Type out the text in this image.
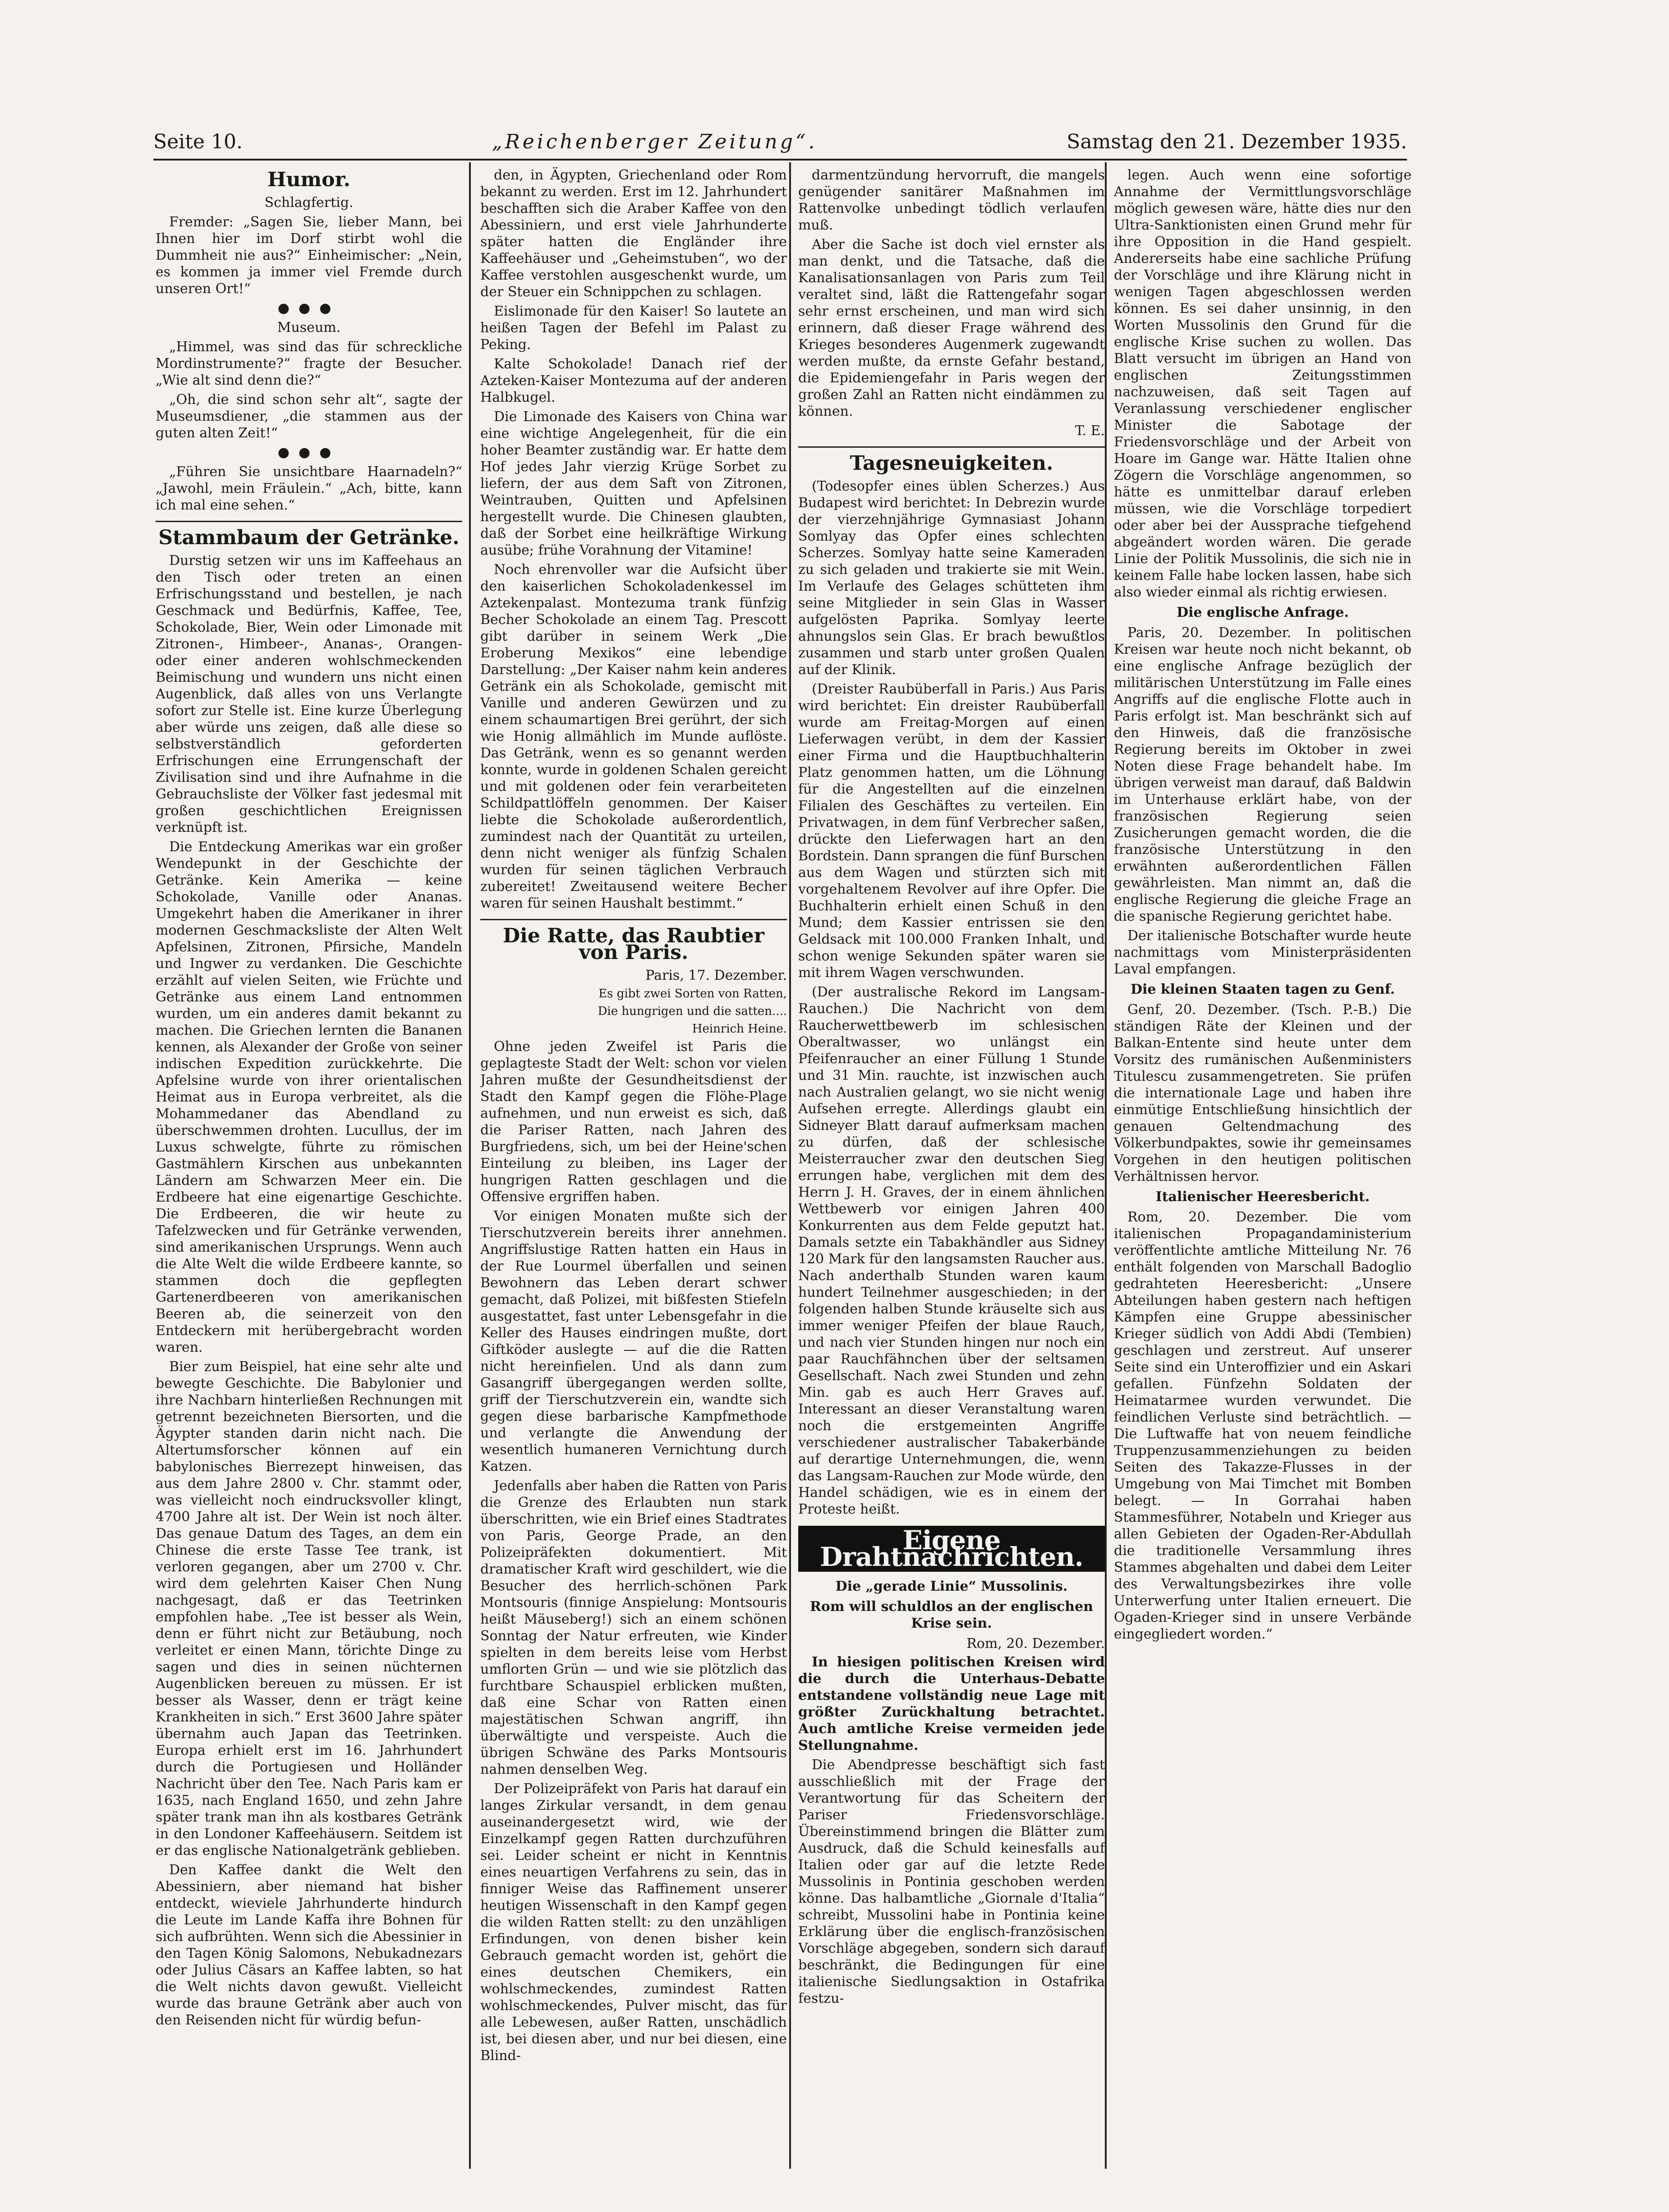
Seite 10.	„Reichenberger Zeitung“.	Samstag den 21. Dezember 1935.
Humor.
Schlagfertig.

Fremder: „Sagen Sie, lieber Mann, bei Ihnen hier im Dorf stirbt wohl die Dummheit nie aus?“ Einheimischer: „Nein, es kommen ja immer viel Fremde durch unseren Ort!“

●●●
Museum.

„Himmel, was sind das für schreckliche Mordinstrumente?“ fragte der Besucher. „Wie alt sind denn die?“

„Oh, die sind schon sehr alt“, sagte der Museumsdiener, „die stammen aus der guten alten Zeit!“

●●●

„Führen Sie unsichtbare Haarnadeln?“ „Jawohl, mein Fräulein.“ „Ach, bitte, kann ich mal eine sehen.“

Stammbaum der Getränke.

Durstig setzen wir uns im Kaffeehaus an den Tisch oder treten an einen Erfrischungsstand und bestellen, je nach Geschmack und Bedürfnis, Kaffee, Tee, Schokolade, Bier, Wein oder Limonade mit Zitronen-, Himbeer-, Ananas-, Orangen- oder einer anderen wohlschmeckenden Beimischung und wundern uns nicht einen Augenblick, daß alles von uns Verlangte sofort zur Stelle ist. Eine kurze Überlegung aber würde uns zeigen, daß alle diese so selbstverständlich geforderten Erfrischungen eine Errungenschaft der Zivilisation sind und ihre Aufnahme in die Gebrauchsliste der Völker fast jedesmal mit großen geschichtlichen Ereignissen verknüpft ist.

Die Entdeckung Amerikas war ein großer Wendepunkt in der Geschichte der Getränke. Kein Amerika — keine Schokolade, Vanille oder Ananas. Umgekehrt haben die Amerikaner in ihrer modernen Geschmacksliste der Alten Welt Apfelsinen, Zitronen, Pfirsiche, Mandeln und Ingwer zu verdanken. Die Geschichte erzählt auf vielen Seiten, wie Früchte und Getränke aus einem Land entnommen wurden, um ein anderes damit bekannt zu machen. Die Griechen lernten die Bananen kennen, als Alexander der Große von seiner indischen Expedition zurückkehrte. Die Apfelsine wurde von ihrer orientalischen Heimat aus in Europa verbreitet, als die Mohammedaner das Abendland zu überschwemmen drohten. Lucullus, der im Luxus schwelgte, führte zu römischen Gastmählern Kirschen aus unbekannten Ländern am Schwarzen Meer ein. Die Erdbeere hat eine eigenartige Geschichte. Die Erdbeeren, die wir heute zu Tafelzwecken und für Getränke verwenden, sind amerikanischen Ursprungs. Wenn auch die Alte Welt die wilde Erdbeere kannte, so stammen doch die gepflegten Gartenerdbeeren von amerikanischen Beeren ab, die seinerzeit von den Entdeckern mit herübergebracht worden waren.

Bier zum Beispiel, hat eine sehr alte und bewegte Geschichte. Die Babylonier und ihre Nachbarn hinterließen Rechnungen mit getrennt bezeichneten Biersorten, und die Ägypter standen darin nicht nach. Die Altertumsforscher können auf ein babylonisches Bierrezept hinweisen, das aus dem Jahre 2800 v. Chr. stammt oder, was vielleicht noch eindrucksvoller klingt, 4700 Jahre alt ist. Der Wein ist noch älter. Das genaue Datum des Tages, an dem ein Chinese die erste Tasse Tee trank, ist verloren gegangen, aber um 2700 v. Chr. wird dem gelehrten Kaiser Chen Nung nachgesagt, daß er das Teetrinken empfohlen habe. „Tee ist besser als Wein, denn er führt nicht zur Betäubung, noch verleitet er einen Mann, törichte Dinge zu sagen und dies in seinen nüchternen Augenblicken bereuen zu müssen. Er ist besser als Wasser, denn er trägt keine Krankheiten in sich.“ Erst 3600 Jahre später übernahm auch Japan das Teetrinken. Europa erhielt erst im 16. Jahrhundert durch die Portugiesen und Holländer Nachricht über den Tee. Nach Paris kam er 1635, nach England 1650, und zehn Jahre später trank man ihn als kostbares Getränk in den Londoner Kaffeehäusern. Seitdem ist er das englische Nationalgetränk geblieben.

Den Kaffee dankt die Welt den Abessiniern, aber niemand hat bisher entdeckt, wieviele Jahrhunderte hindurch die Leute im Lande Kaffa ihre Bohnen für sich aufbrühten. Wenn sich die Abessinier in den Tagen König Salomons, Nebukadnezars oder Julius Cäsars an Kaffee labten, so hat die Welt nichts davon gewußt. Vielleicht wurde das braune Getränk aber auch von den Reisenden nicht für würdig befun-

den, in Ägypten, Griechenland oder Rom bekannt zu werden. Erst im 12. Jahrhundert beschafften sich die Araber Kaffee von den Abessiniern, und erst viele Jahrhunderte später hatten die Engländer ihre Kaffeehäuser und „Geheimstuben“, wo der Kaffee verstohlen ausgeschenkt wurde, um der Steuer ein Schnippchen zu schlagen.

Eislimonade für den Kaiser! So lautete an heißen Tagen der Befehl im Palast zu Peking.

Kalte Schokolade! Danach rief der Azteken-Kaiser Montezuma auf der anderen Halbkugel.

Die Limonade des Kaisers von China war eine wichtige Angelegenheit, für die ein hoher Beamter zuständig war. Er hatte dem Hof jedes Jahr vierzig Krüge Sorbet zu liefern, der aus dem Saft von Zitronen, Weintrauben, Quitten und Apfelsinen hergestellt wurde. Die Chinesen glaubten, daß der Sorbet eine heilkräftige Wirkung ausübe; frühe Vorahnung der Vitamine!

Noch ehrenvoller war die Aufsicht über den kaiserlichen Schokoladenkessel im Aztekenpalast. Montezuma trank fünfzig Becher Schokolade an einem Tag. Prescott gibt darüber in seinem Werk „Die Eroberung Mexikos“ eine lebendige Darstellung: „Der Kaiser nahm kein anderes Getränk ein als Schokolade, gemischt mit Vanille und anderen Gewürzen und zu einem schaumartigen Brei gerührt, der sich wie Honig allmählich im Munde auflöste. Das Getränk, wenn es so genannt werden konnte, wurde in goldenen Schalen gereicht und mit goldenen oder fein verarbeiteten Schildpattlöffeln genommen. Der Kaiser liebte die Schokolade außerordentlich, zumindest nach der Quantität zu urteilen, denn nicht weniger als fünfzig Schalen wurden für seinen täglichen Verbrauch zubereitet! Zweitausend weitere Becher waren für seinen Haushalt bestimmt.“

Die Ratte, das Raubtier von Paris.
Paris, 17. Dezember.
Es gibt zwei Sorten von Ratten,
Die hungrigen und die satten....
Heinrich Heine.

Ohne jeden Zweifel ist Paris die geplagteste Stadt der Welt: schon vor vielen Jahren mußte der Gesundheitsdienst der Stadt den Kampf gegen die Flöhe-Plage aufnehmen, und nun erweist es sich, daß die Pariser Ratten, nach Jahren des Burgfriedens, sich, um bei der Heine'schen Einteilung zu bleiben, ins Lager der hungrigen Ratten geschlagen und die Offensive ergriffen haben.

Vor einigen Monaten mußte sich der Tierschutzverein bereits ihrer annehmen. Angriffslustige Ratten hatten ein Haus in der Rue Lourmel überfallen und seinen Bewohnern das Leben derart schwer gemacht, daß Polizei, mit bißfesten Stiefeln ausgestattet, fast unter Lebensgefahr in die Keller des Hauses eindringen mußte, dort Giftköder auslegte — auf die die Ratten nicht hereinfielen. Und als dann zum Gasangriff übergegangen werden sollte, griff der Tierschutzverein ein, wandte sich gegen diese barbarische Kampfmethode und verlangte die Anwendung der wesentlich humaneren Vernichtung durch Katzen.

Jedenfalls aber haben die Ratten von Paris die Grenze des Erlaubten nun stark überschritten, wie ein Brief eines Stadtrates von Paris, George Prade, an den Polizeipräfekten dokumentiert. Mit dramatischer Kraft wird geschildert, wie die Besucher des herrlich-schönen Park Montsouris (finnige Anspielung: Montsouris heißt Mäuseberg!) sich an einem schönen Sonntag der Natur erfreuten, wie Kinder spielten in dem bereits leise vom Herbst umflorten Grün — und wie sie plötzlich das furchtbare Schauspiel erblicken mußten, daß eine Schar von Ratten einen majestätischen Schwan angriff, ihn überwältigte und verspeiste. Auch die übrigen Schwäne des Parks Montsouris nahmen denselben Weg.

Der Polizeipräfekt von Paris hat darauf ein langes Zirkular versandt, in dem genau auseinandergesetzt wird, wie der Einzelkampf gegen Ratten durchzuführen sei. Leider scheint er nicht in Kenntnis eines neuartigen Verfahrens zu sein, das in finniger Weise das Raffinement unserer heutigen Wissenschaft in den Kampf gegen die wilden Ratten stellt: zu den unzähligen Erfindungen, von denen bisher kein Gebrauch gemacht worden ist, gehört die eines deutschen Chemikers, ein wohlschmeckendes, zumindest Ratten wohlschmeckendes, Pulver mischt, das für alle Lebewesen, außer Ratten, unschädlich ist, bei diesen aber, und nur bei diesen, eine Blind-

darmentzündung hervorruft, die mangels genügender sanitärer Maßnahmen im Rattenvolke unbedingt tödlich verlaufen muß.

Aber die Sache ist doch viel ernster als man denkt, und die Tatsache, daß die Kanalisationsanlagen von Paris zum Teil veraltet sind, läßt die Rattengefahr sogar sehr ernst erscheinen, und man wird sich erinnern, daß dieser Frage während des Krieges besonderes Augenmerk zugewandt werden mußte, da ernste Gefahr bestand, die Epidemiengefahr in Paris wegen der großen Zahl an Ratten nicht eindämmen zu können.

T. E.
Tagesneuigkeiten.

(Todesopfer eines üblen Scherzes.) Aus Budapest wird berichtet: In Debrezin wurde der vierzehnjährige Gymnasiast Johann Somlyay das Opfer eines schlechten Scherzes. Somlyay hatte seine Kameraden zu sich geladen und trakierte sie mit Wein. Im Verlaufe des Gelages schütteten ihm seine Mitglieder in sein Glas in Wasser aufgelösten Paprika. Somlyay leerte ahnungslos sein Glas. Er brach bewußtlos zusammen und starb unter großen Qualen auf der Klinik.

(Dreister Raubüberfall in Paris.) Aus Paris wird berichtet: Ein dreister Raubüberfall wurde am Freitag-Morgen auf einen Lieferwagen verübt, in dem der Kassier einer Firma und die Hauptbuchhalterin Platz genommen hatten, um die Löhnung für die Angestellten auf die einzelnen Filialen des Geschäftes zu verteilen. Ein Privatwagen, in dem fünf Verbrecher saßen, drückte den Lieferwagen hart an den Bordstein. Dann sprangen die fünf Burschen aus dem Wagen und stürzten sich mit vorgehaltenem Revolver auf ihre Opfer. Die Buchhalterin erhielt einen Schuß in den Mund; dem Kassier entrissen sie den Geldsack mit 100.000 Franken Inhalt, und schon wenige Sekunden später waren sie mit ihrem Wagen verschwunden.

(Der australische Rekord im Langsam-Rauchen.) Die Nachricht von dem Raucherwettbewerb im schlesischen Oberaltwasser, wo unlängst ein Pfeifenraucher an einer Füllung 1 Stunde und 31 Min. rauchte, ist inzwischen auch nach Australien gelangt, wo sie nicht wenig Aufsehen erregte. Allerdings glaubt ein Sidneyer Blatt darauf aufmerksam machen zu dürfen, daß der schlesische Meisterraucher zwar den deutschen Sieg errungen habe, verglichen mit dem des Herrn J. H. Graves, der in einem ähnlichen Wettbewerb vor einigen Jahren 400 Konkurrenten aus dem Felde geputzt hat. Damals setzte ein Tabakhändler aus Sidney 120 Mark für den langsamsten Raucher aus. Nach anderthalb Stunden waren kaum hundert Teilnehmer ausgeschieden; in der folgenden halben Stunde kräuselte sich aus immer weniger Pfeifen der blaue Rauch, und nach vier Stunden hingen nur noch ein paar Rauchfähnchen über der seltsamen Gesellschaft. Nach zwei Stunden und zehn Min. gab es auch Herr Graves auf. Interessant an dieser Veranstaltung waren noch die erstgemeinten Angriffe verschiedener australischer Tabakerbände auf derartige Unternehmungen, die, wenn das Langsam-Rauchen zur Mode würde, den Handel schädigen, wie es in einem der Proteste heißt.

Eigene Drahtnachrichten.
Die „gerade Linie“ Mussolinis.
Rom will schuldlos an der englischen Krise sein.
Rom, 20. Dezember.

In hiesigen politischen Kreisen wird die durch die Unterhaus-Debatte entstandene vollständig neue Lage mit größter Zurückhaltung betrachtet. Auch amtliche Kreise vermeiden jede Stellungnahme.

Die Abendpresse beschäftigt sich fast ausschließlich mit der Frage der Verantwortung für das Scheitern der Pariser Friedensvorschläge. Übereinstimmend bringen die Blätter zum Ausdruck, daß die Schuld keinesfalls auf Italien oder gar auf die letzte Rede Mussolinis in Pontinia geschoben werden könne. Das halbamtliche „Giornale d'Italia“ schreibt, Mussolini habe in Pontinia keine Erklärung über die englisch-französischen Vorschläge abgegeben, sondern sich darauf beschränkt, die Bedingungen für eine italienische Siedlungsaktion in Ostafrika festzu-

legen. Auch wenn eine sofortige Annahme der Vermittlungsvorschläge möglich gewesen wäre, hätte dies nur den Ultra-Sanktionisten einen Grund mehr für ihre Opposition in die Hand gespielt. Andererseits habe eine sachliche Prüfung der Vorschläge und ihre Klärung nicht in wenigen Tagen abgeschlossen werden können. Es sei daher unsinnig, in den Worten Mussolinis den Grund für die englische Krise suchen zu wollen. Das Blatt versucht im übrigen an Hand von englischen Zeitungsstimmen nachzuweisen, daß seit Tagen auf Veranlassung verschiedener englischer Minister die Sabotage der Friedensvorschläge und der Arbeit von Hoare im Gange war. Hätte Italien ohne Zögern die Vorschläge angenommen, so hätte es unmittelbar darauf erleben müssen, wie die Vorschläge torpediert oder aber bei der Aussprache tiefgehend abgeändert worden wären. Die gerade Linie der Politik Mussolinis, die sich nie in keinem Falle habe locken lassen, habe sich also wieder einmal als richtig erwiesen.

Die englische Anfrage.

Paris, 20. Dezember. In politischen Kreisen war heute noch nicht bekannt, ob eine englische Anfrage bezüglich der militärischen Unterstützung im Falle eines Angriffs auf die englische Flotte auch in Paris erfolgt ist. Man beschränkt sich auf den Hinweis, daß die französische Regierung bereits im Oktober in zwei Noten diese Frage behandelt habe. Im übrigen verweist man darauf, daß Baldwin im Unterhause erklärt habe, von der französischen Regierung seien Zusicherungen gemacht worden, die die französische Unterstützung in den erwähnten außerordentlichen Fällen gewährleisten. Man nimmt an, daß die englische Regierung die gleiche Frage an die spanische Regierung gerichtet habe.

Der italienische Botschafter wurde heute nachmittags vom Ministerpräsidenten Laval empfangen.

Die kleinen Staaten tagen zu Genf.

Genf, 20. Dezember. (Tsch. P.-B.) Die ständigen Räte der Kleinen und der Balkan-Entente sind heute unter dem Vorsitz des rumänischen Außenministers Titulescu zusammengetreten. Sie prüfen die internationale Lage und haben ihre einmütige Entschließung hinsichtlich der genauen Geltendmachung des Völkerbundpaktes, sowie ihr gemeinsames Vorgehen in den heutigen politischen Verhältnissen hervor.

Italienischer Heeresbericht.

Rom, 20. Dezember. Die vom italienischen Propagandaministerium veröffentlichte amtliche Mitteilung Nr. 76 enthält folgenden von Marschall Badoglio gedrahteten Heeresbericht: „Unsere Abteilungen haben gestern nach heftigen Kämpfen eine Gruppe abessinischer Krieger südlich von Addi Abdi (Tembien) geschlagen und zerstreut. Auf unserer Seite sind ein Unteroffizier und ein Askari gefallen. Fünfzehn Soldaten der Heimatarmee wurden verwundet. Die feindlichen Verluste sind beträchtlich. — Die Luftwaffe hat von neuem feindliche Truppenzusammenziehungen zu beiden Seiten des Takazze-Flusses in der Umgebung von Mai Timchet mit Bomben belegt. — In Gorrahai haben Stammesführer, Notabeln und Krieger aus allen Gebieten der Ogaden-Rer-Abdullah die traditionelle Versammlung ihres Stammes abgehalten und dabei dem Leiter des Verwaltungsbezirkes ihre volle Unterwerfung unter Italien erneuert. Die Ogaden-Krieger sind in unsere Verbände eingegliedert worden.“
